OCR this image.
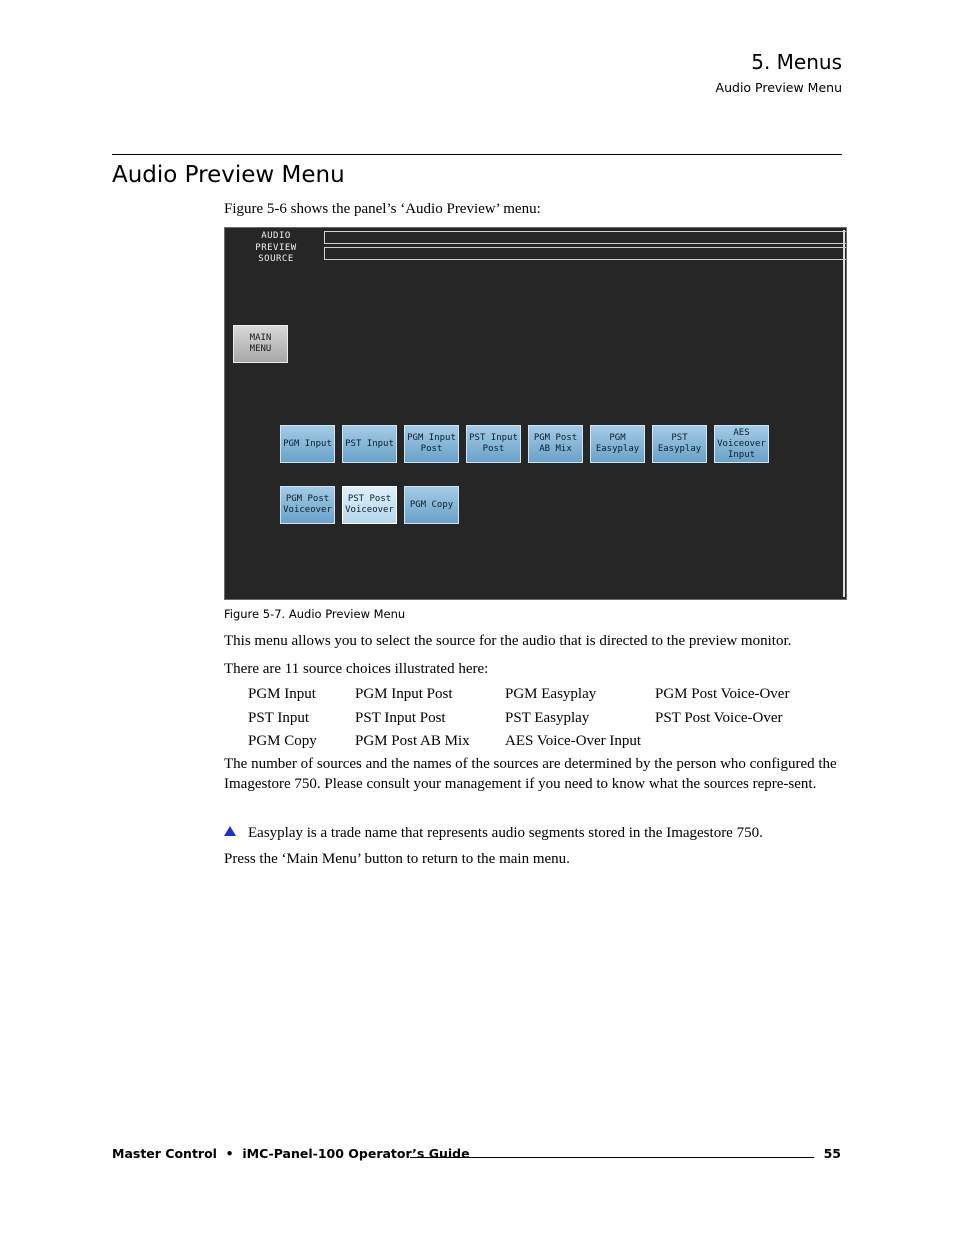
5. Menus
Audio Preview Menu
Audio Preview Menu

Figure 5-6 shows the panel’s ‘Audio Preview’ menu:

AUDIO
PREVIEW
SOURCE
MAIN
MENU
PGM Input	PST Input
PGM Input
Post
PST Input
Post
PGM Post
AB Mix
PGM
Easyplay
PST
Easyplay
AES
Voiceover
Input
PGM Post
Voiceover
PST Post
Voiceover
PGM Copy
Figure 5-7. Audio Preview Menu

This menu allows you to select the source for the audio that is directed to the preview monitor.

There are 11 source choices illustrated here:

PGM Input
PST Input
PGM Copy
PGM Input Post
PST Input Post
PGM Post AB Mix
PGM Easyplay
PST Easyplay
AES Voice-Over Input
PGM Post Voice-Over
PST Post Voice-Over

The number of sources and the names of the sources are determined by the person who configured the Imagestore 750. Please consult your management if you need to know what the sources repre-sent.

Easyplay is a trade name that represents audio segments stored in the Imagestore 750.

Press the ‘Main Menu’ button to return to the main menu.

Master Control  •  iMC-Panel-100 Operator’s Guide	55
